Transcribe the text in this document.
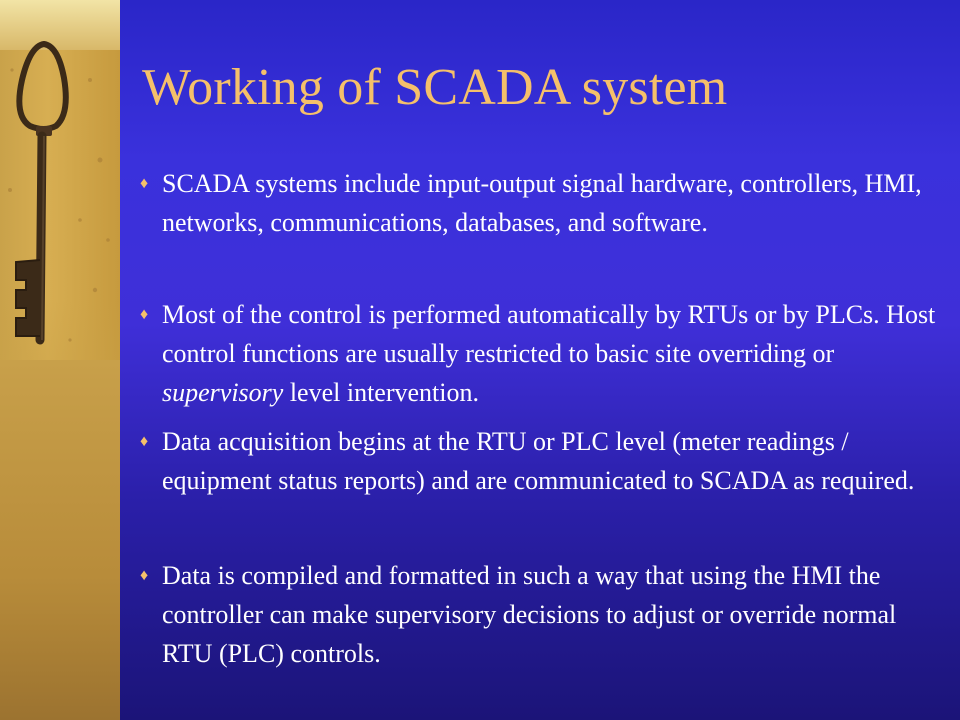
Working of SCADA system
♦ SCADA systems include input-output signal hardware, controllers, HMI, networks, communications, databases, and software.
♦ Most of the control is performed automatically by RTUs or by PLCs. Host control functions are usually restricted to basic site overriding or supervisory level intervention.
♦ Data acquisition begins at the RTU or PLC level (meter readings / equipment status reports) and are communicated to SCADA as required.
♦ Data is compiled and formatted in such a way that using the HMI the controller can make supervisory decisions to adjust or override normal RTU (PLC) controls.
